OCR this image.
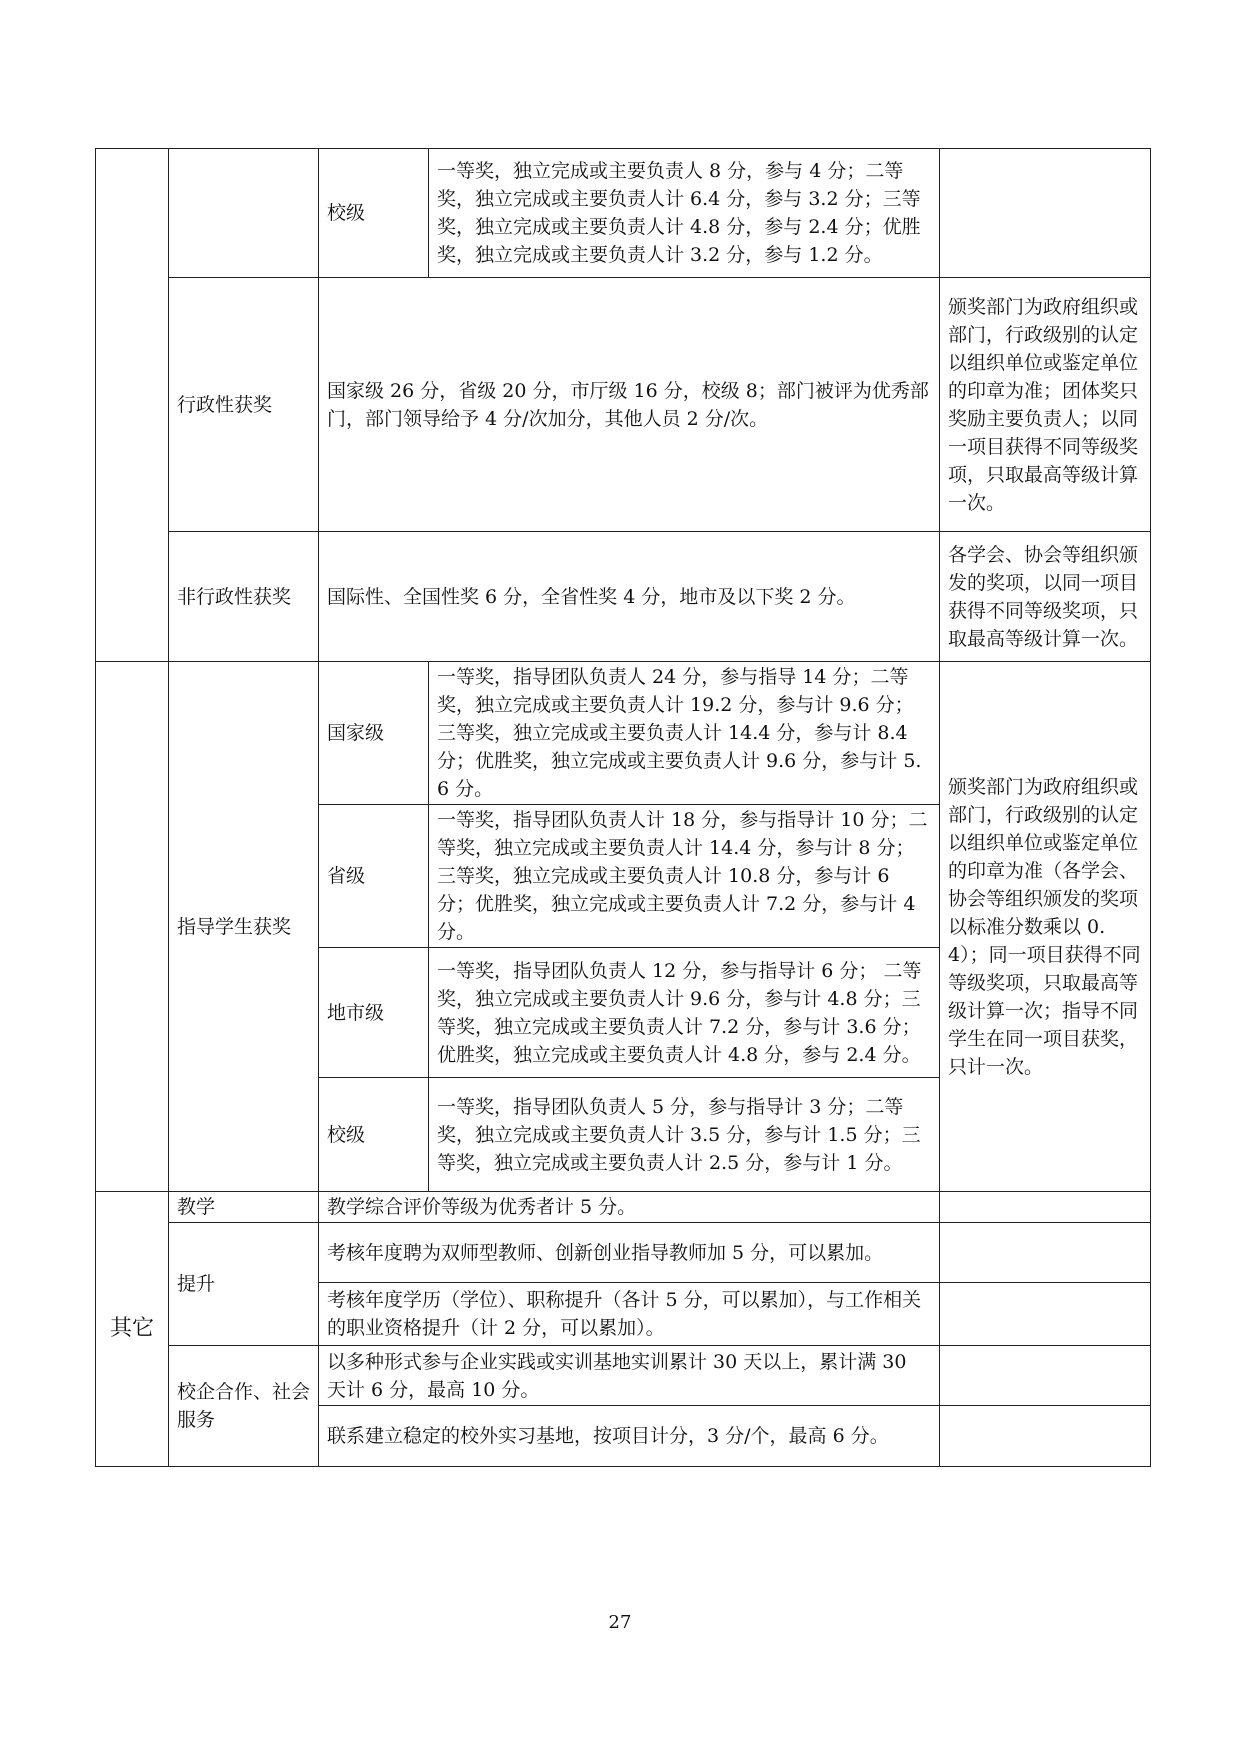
		校级	一等奖，独立完成或主要负责人 8 分，参与 4 分；二等奖，独立完成或主要负责人计 6.4 分，参与 3.2 分；三等奖，独立完成或主要负责人计 4.8 分，参与 2.4 分；优胜奖，独立完成或主要负责人计 3.2 分，参与 1.2 分。	
	行政性获奖	国家级 26 分，省级 20 分，市厅级 16 分，校级 8；部门被评为优秀部门，部门领导给予 4 分/次加分，其他人员 2 分/次。		颁奖部门为政府组织或部门，行政级别的认定以组织单位或鉴定单位的印章为准；团体奖只奖励主要负责人；以同一项目获得不同等级奖项，只取最高等级计算一次。
	非行政性获奖	国际性、全国性奖 6 分，全省性奖 4 分，地市及以下奖 2 分。		各学会、协会等组织颁发的奖项，以同一项目获得不同等级奖项，只取最高等级计算一次。
	指导学生获奖	国家级	一等奖，指导团队负责人 24 分，参与指导 14 分；二等奖，独立完成或主要负责人计 19.2 分，参与计 9.6 分；三等奖，独立完成或主要负责人计 14.4 分，参与计 8.4 分；优胜奖，独立完成或主要负责人计 9.6 分，参与计 5.6 分。	颁奖部门为政府组织或部门，行政级别的认定以组织单位或鉴定单位的印章为准（各学会、协会等组织颁发的奖项以标准分数乘以 0.4）；同一项目获得不同等级奖项，只取最高等级计算一次；指导不同学生在同一项目获奖，只计一次。
		省级	一等奖，指导团队负责人计 18 分，参与指导计 10 分；二等奖，独立完成或主要负责人计 14.4 分，参与计 8 分；三等奖，独立完成或主要负责人计 10.8 分，参与计 6 分；优胜奖，独立完成或主要负责人计 7.2 分，参与计 4 分。	
		地市级	一等奖，指导团队负责人 12 分，参与指导计 6 分； 二等奖，独立完成或主要负责人计 9.6 分，参与计 4.8 分；三等奖，独立完成或主要负责人计 7.2 分，参与计 3.6 分；优胜奖，独立完成或主要负责人计 4.8 分，参与 2.4 分。	
		校级	一等奖，指导团队负责人 5 分，参与指导计 3 分；二等奖，独立完成或主要负责人计 3.5 分，参与计 1.5 分；三等奖，独立完成或主要负责人计 2.5 分，参与计 1 分。	
其它	教学	教学综合评价等级为优秀者计 5 分。		
	提升	考核年度聘为双师型教师、创新创业指导教师加 5 分，可以累加。		
		考核年度学历（学位）、职称提升（各计 5 分，可以累加），与工作相关的职业资格提升（计 2 分，可以累加）。		
	校企合作、社会服务	以多种形式参与企业实践或实训基地实训累计 30 天以上，累计满 30 天计 6 分，最高 10 分。		
		联系建立稳定的校外实习基地，按项目计分，3 分/个，最高 6 分。		
27
